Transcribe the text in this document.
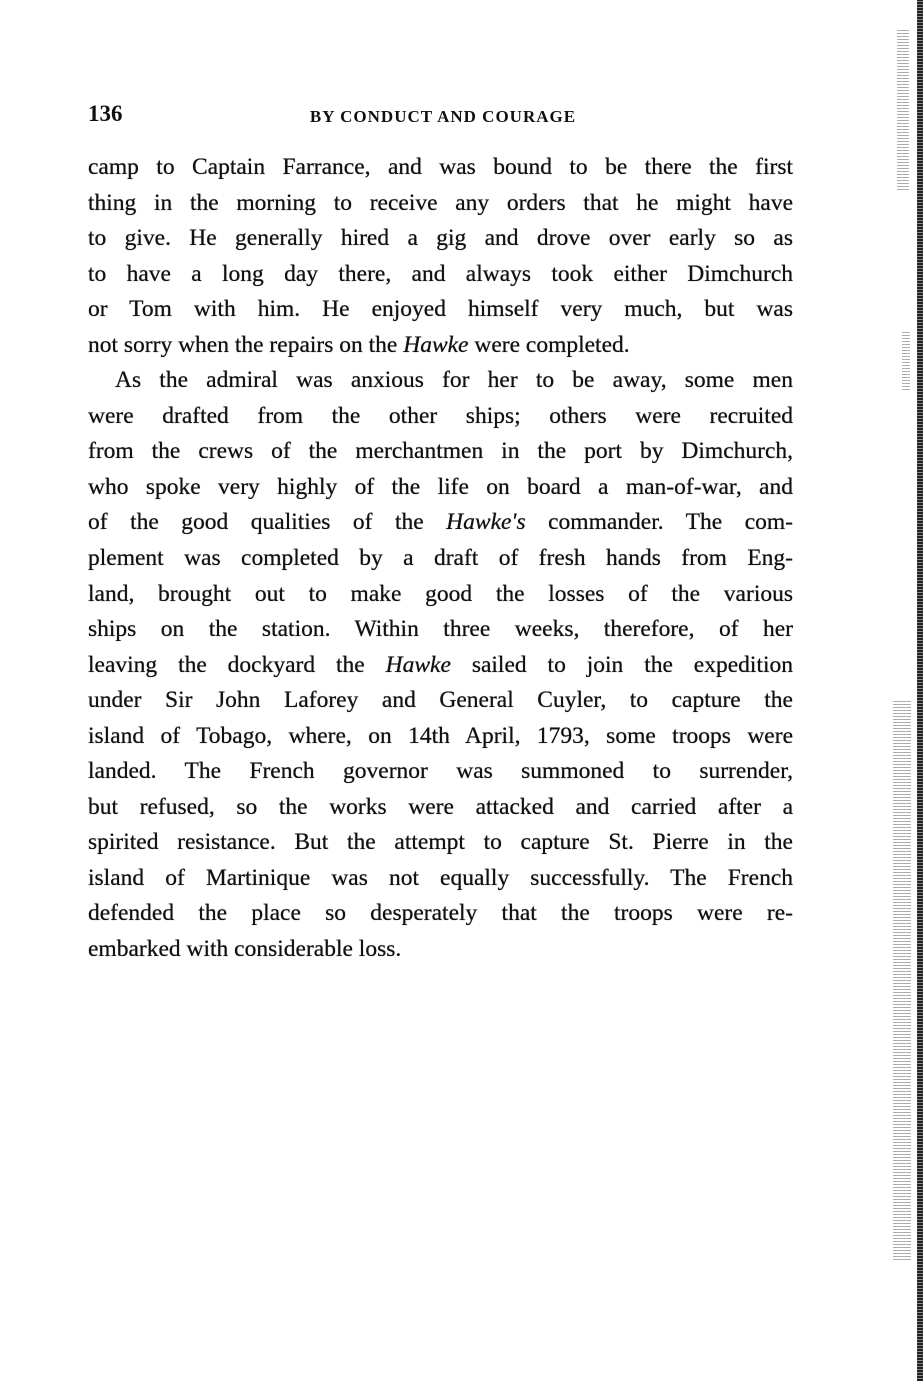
136	BY CONDUCT AND COURAGE
camp to Captain Farrance, and was bound to be there the first
thing in the morning to receive any orders that he might have
to give. He generally hired a gig and drove over early so as
to have a long day there, and always took either Dimchurch
or Tom with him. He enjoyed himself very much, but was
not sorry when the repairs on the Hawke were completed.
As the admiral was anxious for her to be away, some men
were drafted from the other ships; others were recruited
from the crews of the merchantmen in the port by Dimchurch,
who spoke very highly of the life on board a man-of-war, and
of the good qualities of the Hawke's commander. The com-
plement was completed by a draft of fresh hands from Eng-
land, brought out to make good the losses of the various
ships on the station. Within three weeks, therefore, of her
leaving the dockyard the Hawke sailed to join the expedition
under Sir John Laforey and General Cuyler, to capture the
island of Tobago, where, on 14th April, 1793, some troops were
landed. The French governor was summoned to surrender,
but refused, so the works were attacked and carried after a
spirited resistance. But the attempt to capture St. Pierre in the
island of Martinique was not equally successfully. The French
defended the place so desperately that the troops were re-
embarked with considerable loss.
